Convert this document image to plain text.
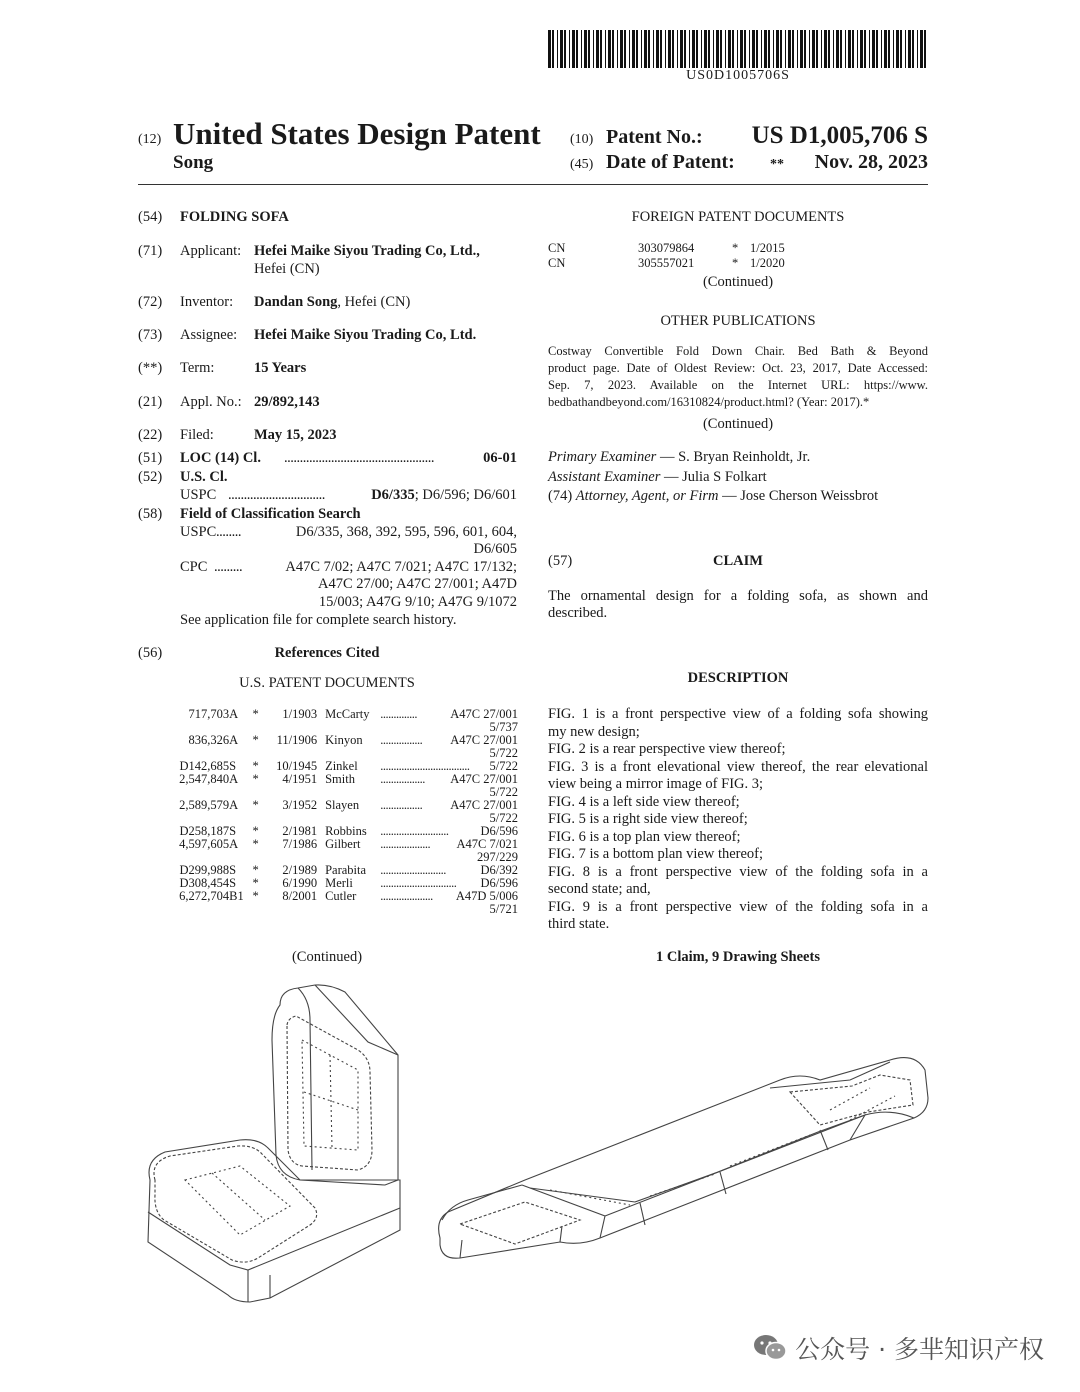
US0D1005706S
(12) United States Design Patent
Song
(10) Patent No.:	US D1,005,706 S
(45) Date of Patent:	**	Nov. 28, 2023
(54) FOLDING SOFA
(71) Applicant: Hefei Maike Siyou Trading Co, Ltd.,
Hefei (CN)
(72) Inventor: Dandan Song, Hefei (CN)
(73) Assignee: Hefei Maike Siyou Trading Co, Ltd.
(**) Term:	15 Years
(21) Appl. No.: 29/892,143
(22) Filed:	May 15, 2023
(51) LOC (14) Cl. ................................................	06-01
(52) U.S. Cl.
USPC ...............................	D6/335; D6/596; D6/601
(58) Field of Classification Search
USPC ........	D6/335, 368, 392, 595, 596, 601, 604,
D6/605
CPC .........	A47C 7/02; A47C 7/021; A47C 17/132;
A47C 27/00; A47C 27/001; A47D
15/003; A47G 9/10; A47G 9/1072
See application file for complete search history.
(56)	References Cited
U.S. PATENT DOCUMENTS
717,703	A	*	1/1903	McCarty	..............	A47C 27/001
5/737						
836,326	A	*	11/1906	Kinyon	................	A47C 27/001
5/722						
D142,685	S	*	10/1945	Zinkel	..................................	5/722
2,547,840	A	*	4/1951	Smith	.................	A47C 27/001
5/722						
2,589,579	A	*	3/1952	Slayen	................	A47C 27/001
5/722						
D258,187	S	*	2/1981	Robbins	..........................	D6/596
4,597,605	A	*	7/1986	Gilbert	...................	A47C 7/021
297/229						
D299,988	S	*	2/1989	Parabita	.........................	D6/392
D308,454	S	*	6/1990	Merli	.............................	D6/596
6,272,704	B1	*	8/2001	Cutler	....................	A47D 5/006
5/721						
(Continued)
FOREIGN PATENT DOCUMENTS
CN	303079864	* 1/2015
CN	305557021	* 1/2020
(Continued)
OTHER PUBLICATIONS
Costway Convertible Fold Down Chair. Bed Bath & Beyond
product page. Date of Oldest Review: Oct. 23, 2017, Date Accessed:
Sep. 7, 2023. Available on the Internet URL: https://www.
bedbathandbeyond.com/16310824/product.html? (Year: 2017).*
(Continued)
Primary Examiner — S. Bryan Reinholdt, Jr.
Assistant Examiner — Julia S Folkart
(74) Attorney, Agent, or Firm — Jose Cherson Weissbrot
(57)	CLAIM
The ornamental design for a folding sofa, as shown and
described.
DESCRIPTION
FIG. 1 is a front perspective view of a folding sofa showing
my new design;
FIG. 2 is a rear perspective view thereof;
FIG. 3 is a front elevational view thereof, the rear elevational
view being a mirror image of FIG. 3;
FIG. 4 is a left side view thereof;
FIG. 5 is a right side view thereof;
FIG. 6 is a top plan view thereof;
FIG. 7 is a bottom plan view thereof;
FIG. 8 is a front perspective view of the folding sofa in a
second state; and,
FIG. 9 is a front perspective view of the folding sofa in a
third state.
1 Claim, 9 Drawing Sheets
公众号 · 多芈知识产权
